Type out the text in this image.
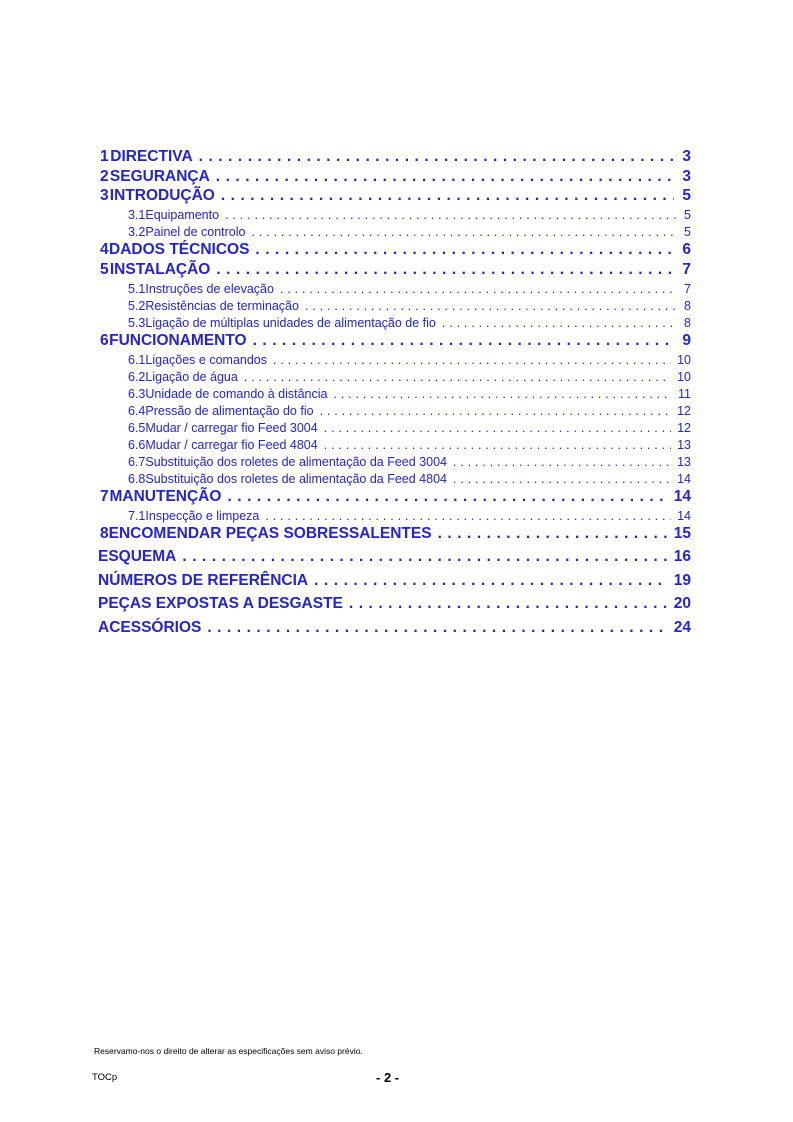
1 DIRECTIVA . . .	3
2 SEGURANÇA . . .	3
3 INTRODUÇÃO . . .	5
3.1 Equipamento . . .	5
3.2 Painel de controlo . . .	5
4 DADOS TÉCNICOS . . .	6
5 INSTALAÇÃO . . .	7
5.1 Instruções de elevação . . .	7
5.2 Resistências de terminação . . .	8
5.3 Ligação de múltiplas unidades de alimentação de fio . . .	8
6 FUNCIONAMENTO . . .	9
6.1 Ligações e comandos . . .	10
6.2 Ligação de água . . .	10
6.3 Unidade de comando à distância . . .	11
6.4 Pressão de alimentação do fio . . .	12
6.5 Mudar / carregar fio Feed 3004 . . .	12
6.6 Mudar / carregar fio Feed 4804 . . .	13
6.7 Substituição dos roletes de alimentação da Feed 3004 . . .	13
6.8 Substituição dos roletes de alimentação da Feed 4804 . . .	14
7 MANUTENÇÃO . . .	14
7.1 Inspecção e limpeza . . .	14
8 ENCOMENDAR PEÇAS SOBRESSALENTES . . .	15
ESQUEMA . . .	16
NÚMEROS DE REFERÊNCIA . . .	19
PEÇAS EXPOSTAS A DESGASTE . . .	20
ACESSÓRIOS . . .	24
Reservamo-nos o direito de alterar as especificações sem aviso prévio.
TOCp	- 2 -
